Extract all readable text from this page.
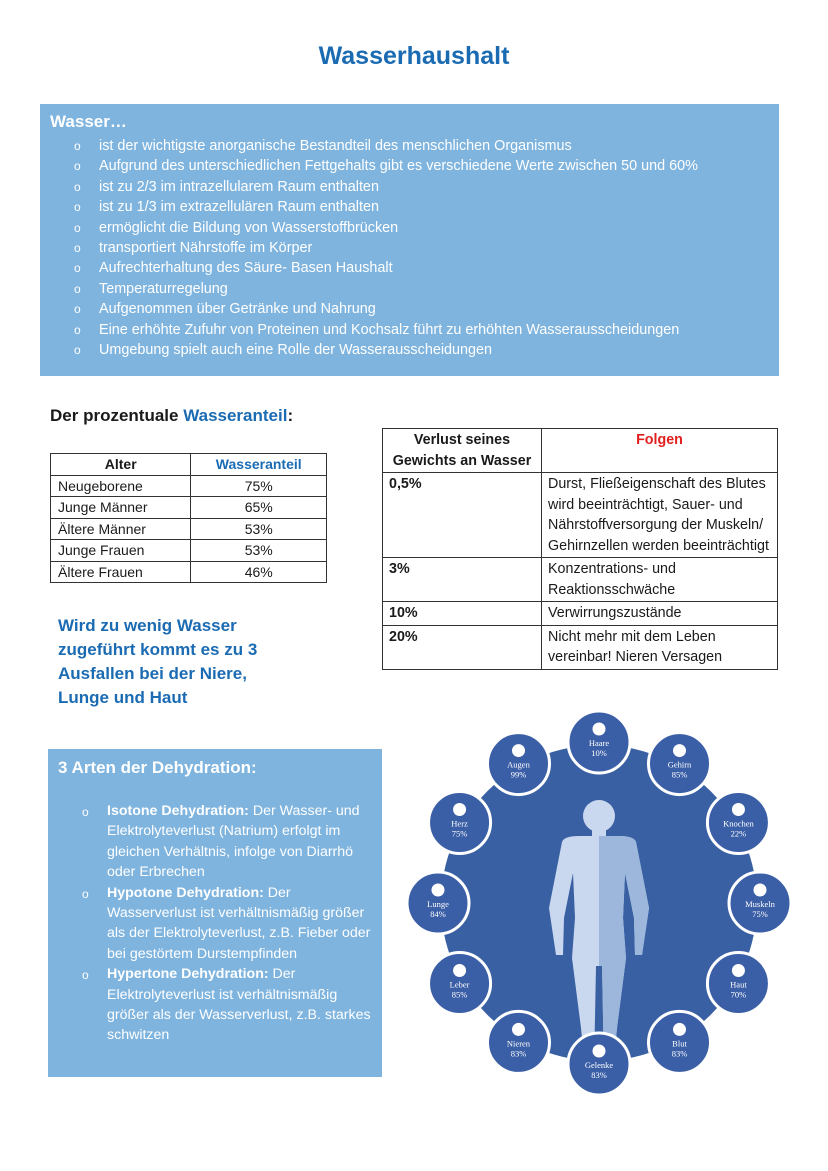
Wasserhaushalt
Wasser…
o ist der wichtigste anorganische Bestandteil des menschlichen Organismus
o Aufgrund des unterschiedlichen Fettgehalts gibt es verschiedene Werte zwischen 50 und 60%
o ist zu 2/3 im intrazellularem Raum enthalten
o ist zu 1/3 im extrazellulären Raum enthalten
o ermöglicht die Bildung von Wasserstoffbrücken
o transportiert Nährstoffe im Körper
o Aufrechterhaltung des Säure- Basen Haushalt
o Temperaturregelung
o Aufgenommen über Getränke und Nahrung
o Eine erhöhte Zufuhr von Proteinen und Kochsalz führt zu erhöhten Wasserausscheidungen
o Umgebung spielt auch eine Rolle der Wasserausscheidungen
Der prozentuale Wasseranteil:
Alter	Wasseranteil
Neugeborene	75%
Junge Männer	65%
Ältere Männer	53%
Junge Frauen	53%
Ältere Frauen	46%
Verlust seines Gewichts an Wasser	Folgen
0,5%	Durst, Fließeigenschaft des Blutes wird beeinträchtigt, Sauer- und Nährstoffversorgung der Muskeln/ Gehirnzellen werden beeinträchtigt
3%	Konzentrations- und Reaktionsschwäche
10%	Verwirrungszustände
20%	Nicht mehr mit dem Leben vereinbar! Nieren Versagen
Wird zu wenig Wasser zugeführt kommt es zu 3 Ausfallen bei der Niere, Lunge und Haut
3 Arten der Dehydration:
o	Isotone Dehydration: Der Wasser- und Elektrolyteverlust (Natrium) erfolgt im gleichen Verhältnis, infolge von Diarrhö oder Erbrechen
o	Hypotone Dehydration: Der Wasserverlust ist verhältnismäßig größer als der Elektrolyteverlust, z.B. Fieber oder bei gestörtem Durstempfinden
o	Hypertone Dehydration: Der Elektrolyteverlust ist verhältnismäßig größer als der Wasserverlust, z.B. starkes schwitzen
Haare
10%
Gehirn
85%
Knochen
22%
Muskeln
75%
Haut
70%
Blut
83%
Gelenke
83%
Nieren
83%
Leber
85%
Lunge
84%
Herz
75%
Augen
99%
